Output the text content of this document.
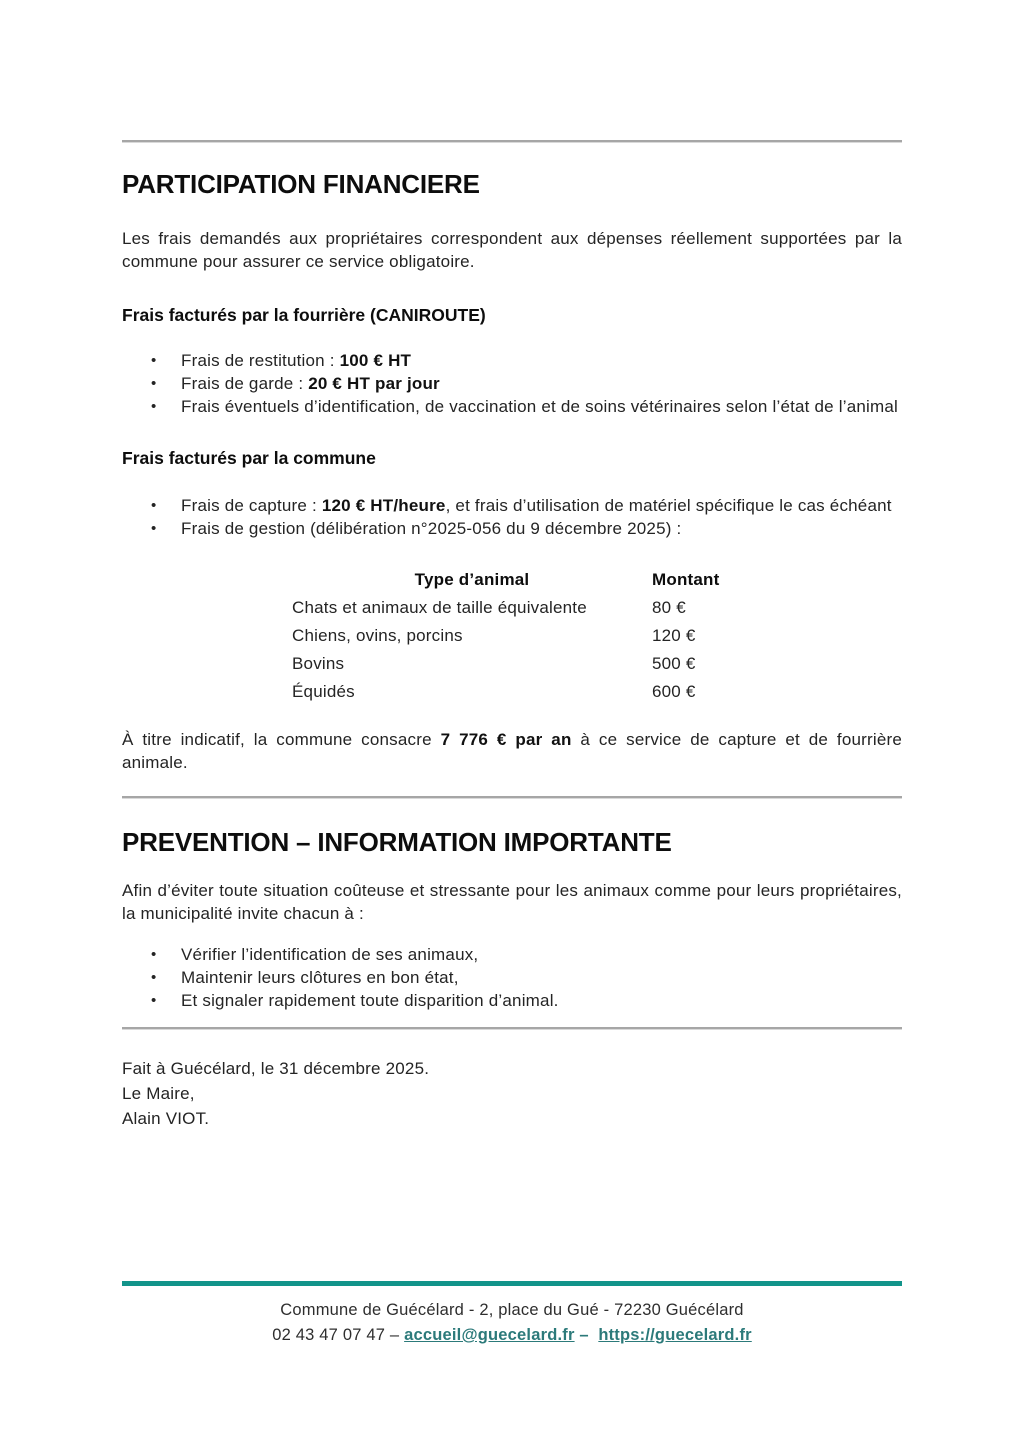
PARTICIPATION FINANCIERE

Les frais demandés aux propriétaires correspondent aux dépenses réellement supportées par la commune pour assurer ce service obligatoire.

Frais facturés par la fourrière (CANIROUTE)
• Frais de restitution : 100 € HT
• Frais de garde : 20 € HT par jour
• Frais éventuels d’identification, de vaccination et de soins vétérinaires selon l’état de l’animal
Frais facturés par la commune
• Frais de capture : 120 € HT/heure, et frais d’utilisation de matériel spécifique le cas échéant
• Frais de gestion (délibération n°2025-056 du 9 décembre 2025) :
Type d’animal	Montant
Chats et animaux de taille équivalente	80 €
Chiens, ovins, porcins	120 €
Bovins	500 €
Équidés	600 €

À titre indicatif, la commune consacre 7 776 € par an à ce service de capture et de fourrière animale.

PREVENTION – INFORMATION IMPORTANTE

Afin d’éviter toute situation coûteuse et stressante pour les animaux comme pour leurs propriétaires, la municipalité invite chacun à :

• Vérifier l’identification de ses animaux,
• Maintenir leurs clôtures en bon état,
• Et signaler rapidement toute disparition d’animal.
Fait à Guécélard, le 31 décembre 2025.
Le Maire,
Alain VIOT.
Commune de Guécélard - 2, place du Gué - 72230 Guécélard
02 43 47 07 47 – accueil@guecelard.fr –  https://guecelard.fr
